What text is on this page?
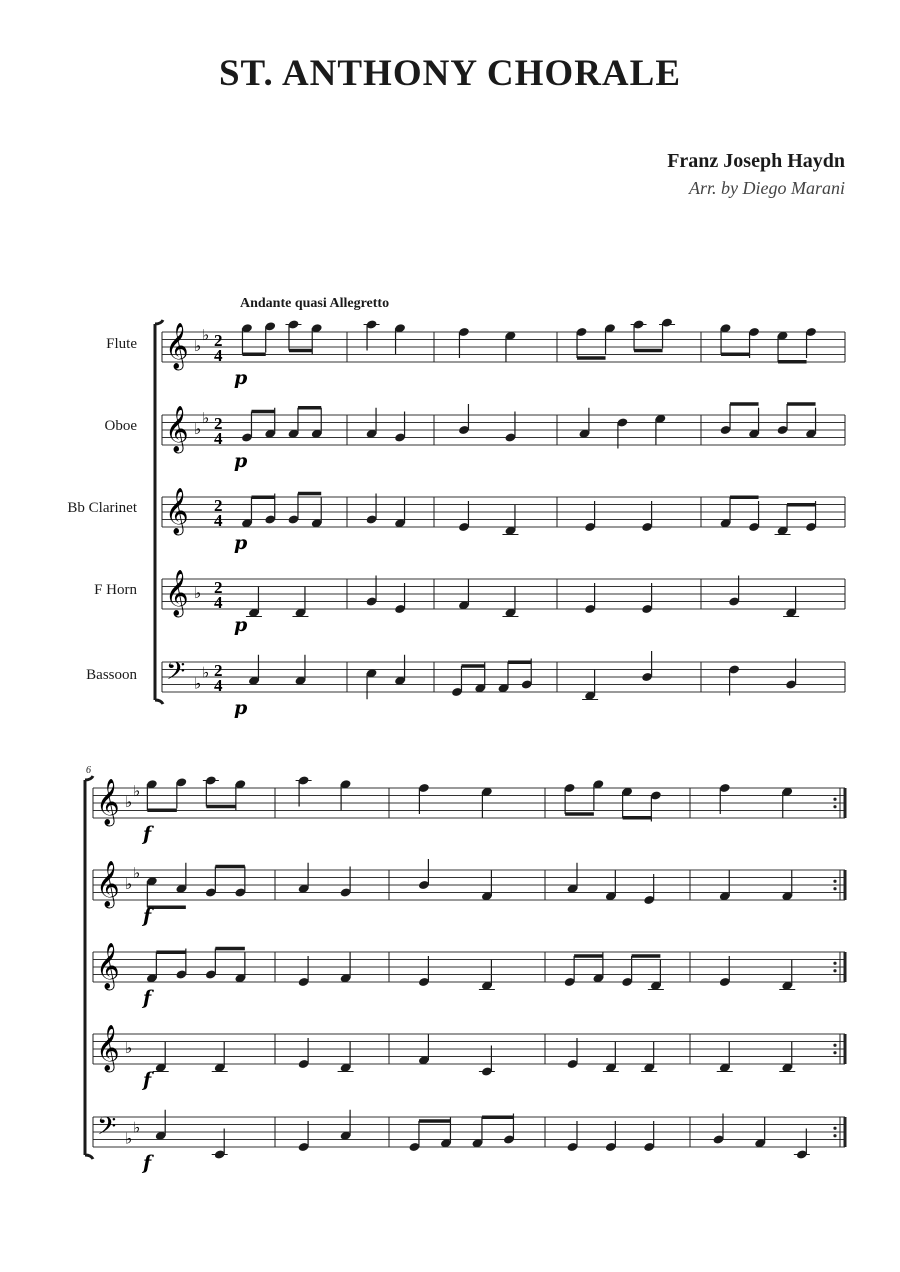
ST. ANTHONY CHORALE
Franz Joseph Haydn
Arr. by Diego Marani
Andante quasi Allegretto
Flute
Oboe
Bb Clarinet
F Horn
Bassoon
6
𝄞 ♭
♭ 2
4
p
𝄞 ♭
♭ 2
4
p
𝄞 2
4
p
𝄞 ♭ 2
4
p
𝄢 ♭
♭ 2
4
p
𝄞 ♭
♭
f
𝄞 ♭
♭
f
𝄞
f
𝄞 ♭
f
𝄢 ♭
♭
f
